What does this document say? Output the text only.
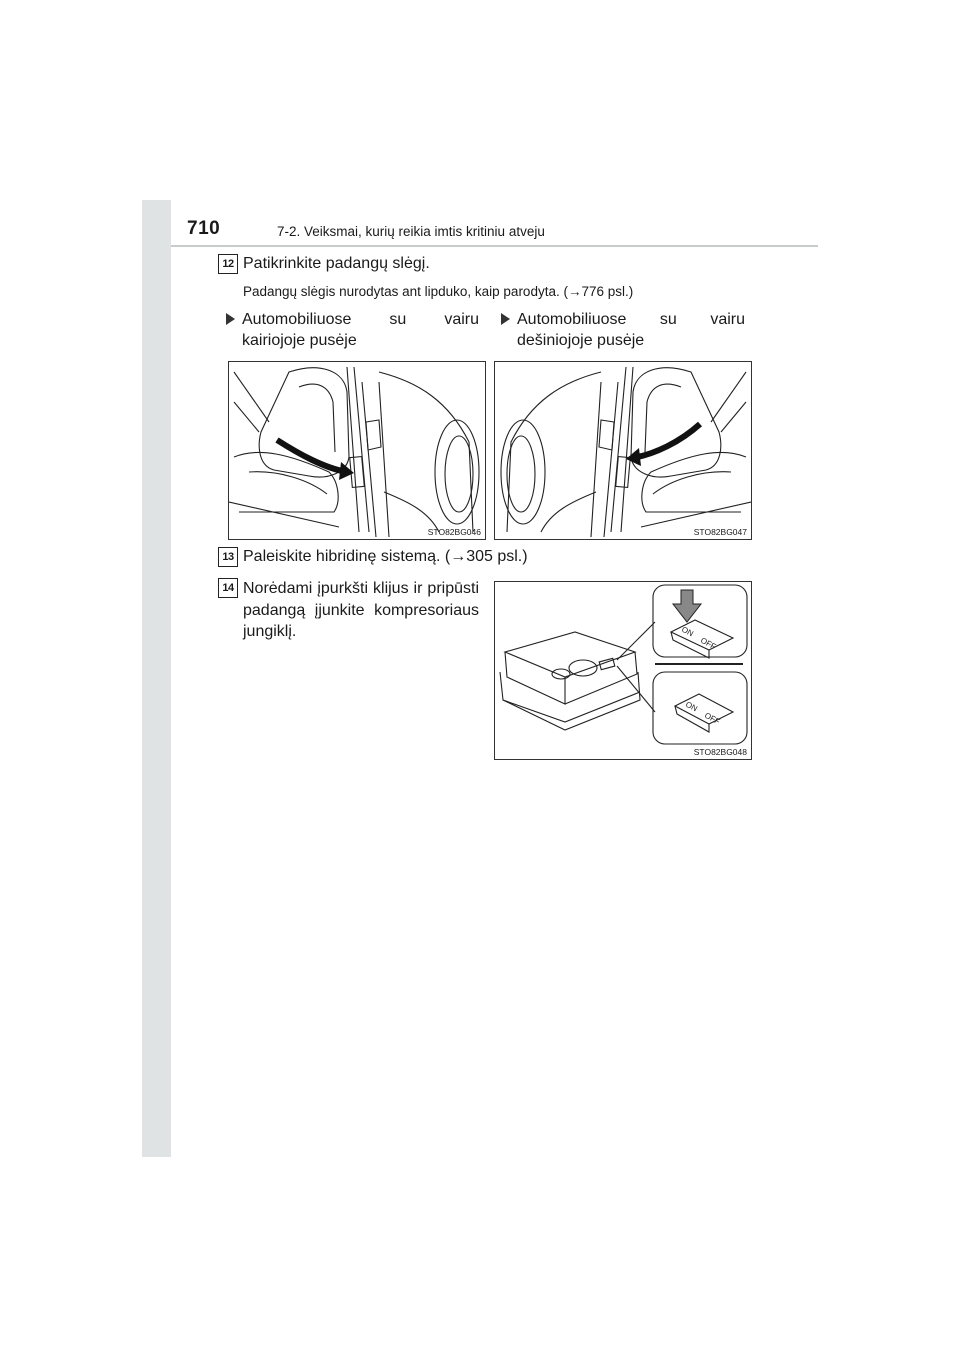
710	7-2. Veiksmai, kurių reikia imtis kritiniu atveju
12 Patikrinkite padangų slėgį.
Padangų slėgis nurodytas ant lipduko, kaip parodyta. (→776 psl.)
Automobiliuose su vairu kairiojoje pusėje
Automobiliuose su vairu dešiniojoje pusėje
STO82BG046	STO82BG047
13 Paleiskite hibridinę sistemą. (→305 psl.)
14 Norėdami įpurkšti klijus ir pripūsti padangą įjunkite kompresoriaus jungiklį.	ON
OFF
ON
OFF
STO82BG048
